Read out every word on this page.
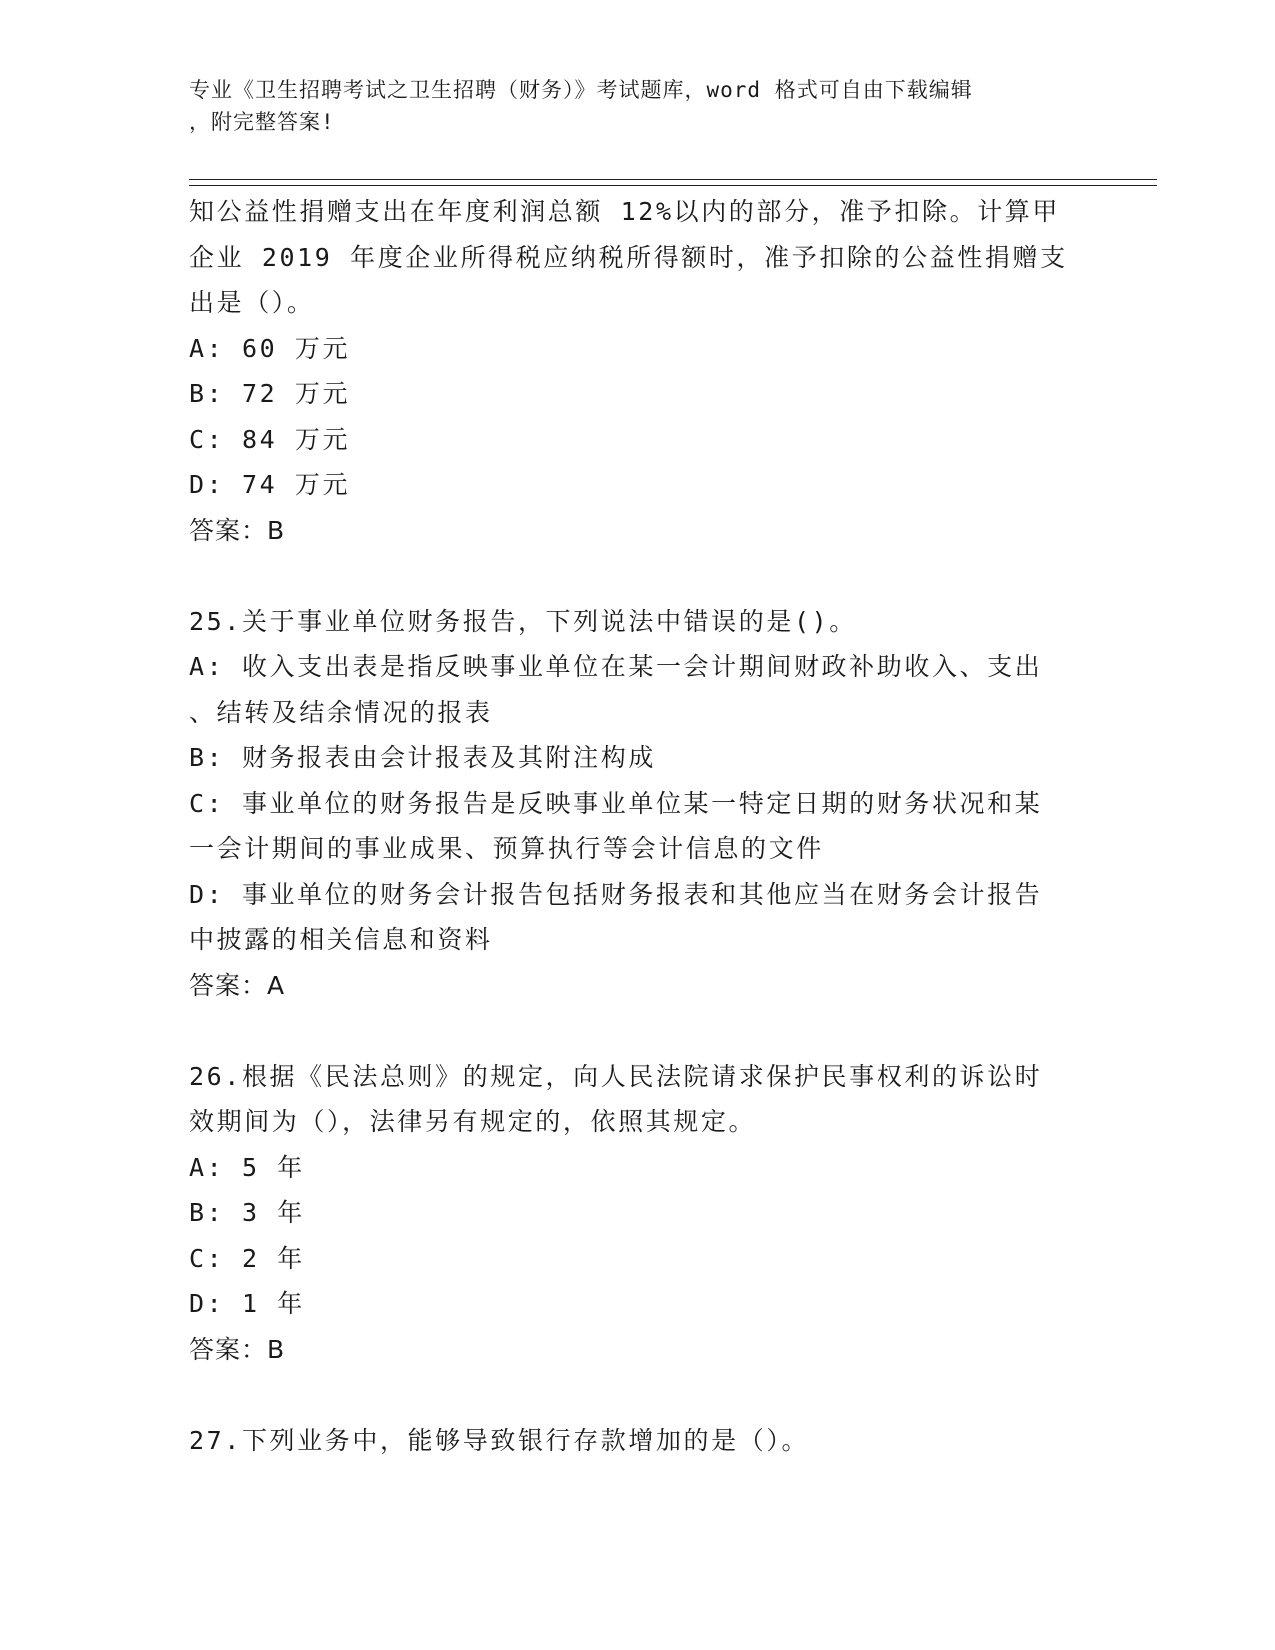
专业《卫生招聘考试之卫生招聘（财务）》考试题库，word 格式可自由下载编辑
，附完整答案!

知公益性捐赠支出在年度利润总额 12%以内的部分，准予扣除。计算甲

企业 2019 年度企业所得税应纳税所得额时，准予扣除的公益性捐赠支

出是（）。

A: 60 万元

B: 72 万元

C: 84 万元

D: 74 万元

答案：B

25.关于事业单位财务报告，下列说法中错误的是()。

A: 收入支出表是指反映事业单位在某一会计期间财政补助收入、支出

、结转及结余情况的报表

B: 财务报表由会计报表及其附注构成

C: 事业单位的财务报告是反映事业单位某一特定日期的财务状况和某

一会计期间的事业成果、预算执行等会计信息的文件

D: 事业单位的财务会计报告包括财务报表和其他应当在财务会计报告

中披露的相关信息和资料

答案：A

26.根据《民法总则》的规定，向人民法院请求保护民事权利的诉讼时

效期间为（），法律另有规定的，依照其规定。

A: 5 年

B: 3 年

C: 2 年

D: 1 年

答案：B

27.下列业务中，能够导致银行存款增加的是（）。
